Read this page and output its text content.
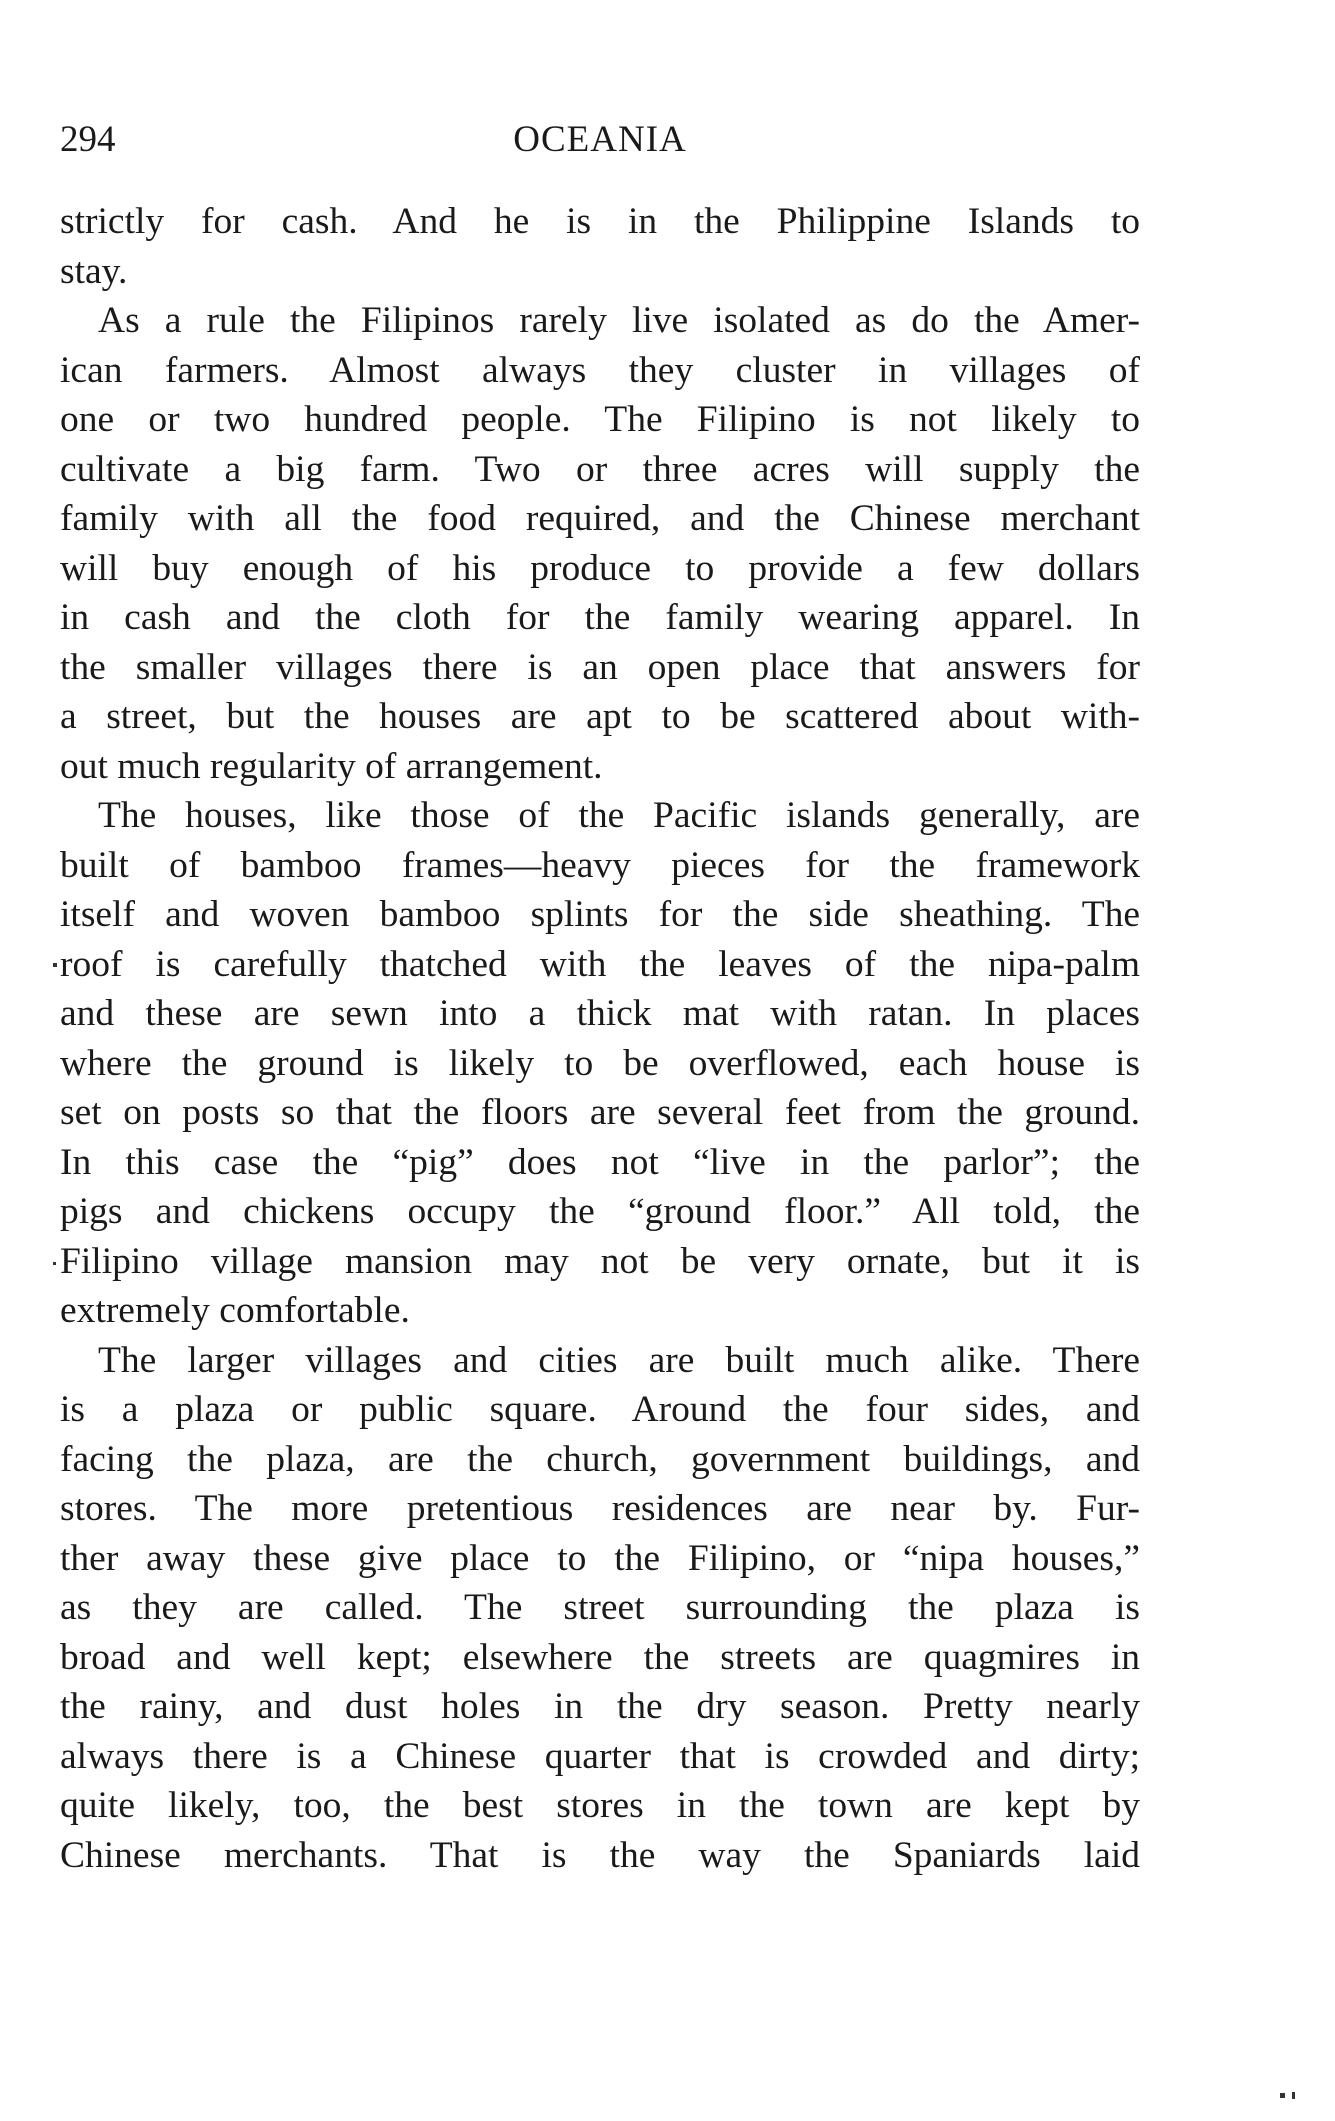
294	OCEANIA
strictly for cash. And he is in the Philippine Islands to
stay.
As a rule the Filipinos rarely live isolated as do the Amer-
ican farmers. Almost always they cluster in villages of
one or two hundred people. The Filipino is not likely to
cultivate a big farm. Two or three acres will supply the
family with all the food required, and the Chinese merchant
will buy enough of his produce to provide a few dollars
in cash and the cloth for the family wearing apparel. In
the smaller villages there is an open place that answers for
a street, but the houses are apt to be scattered about with-
out much regularity of arrangement.
The houses, like those of the Pacific islands generally, are
built of bamboo frames—heavy pieces for the framework
itself and woven bamboo splints for the side sheathing. The
roof is carefully thatched with the leaves of the nipa-palm
and these are sewn into a thick mat with ratan. In places
where the ground is likely to be overflowed, each house is
set on posts so that the floors are several feet from the ground.
In this case the “pig” does not “live in the parlor”; the
pigs and chickens occupy the “ground floor.” All told, the
Filipino village mansion may not be very ornate, but it is
extremely comfortable.
The larger villages and cities are built much alike. There
is a plaza or public square. Around the four sides, and
facing the plaza, are the church, government buildings, and
stores. The more pretentious residences are near by. Fur-
ther away these give place to the Filipino, or “nipa houses,”
as they are called. The street surrounding the plaza is
broad and well kept; elsewhere the streets are quagmires in
the rainy, and dust holes in the dry season. Pretty nearly
always there is a Chinese quarter that is crowded and dirty;
quite likely, too, the best stores in the town are kept by
Chinese merchants. That is the way the Spaniards laid
